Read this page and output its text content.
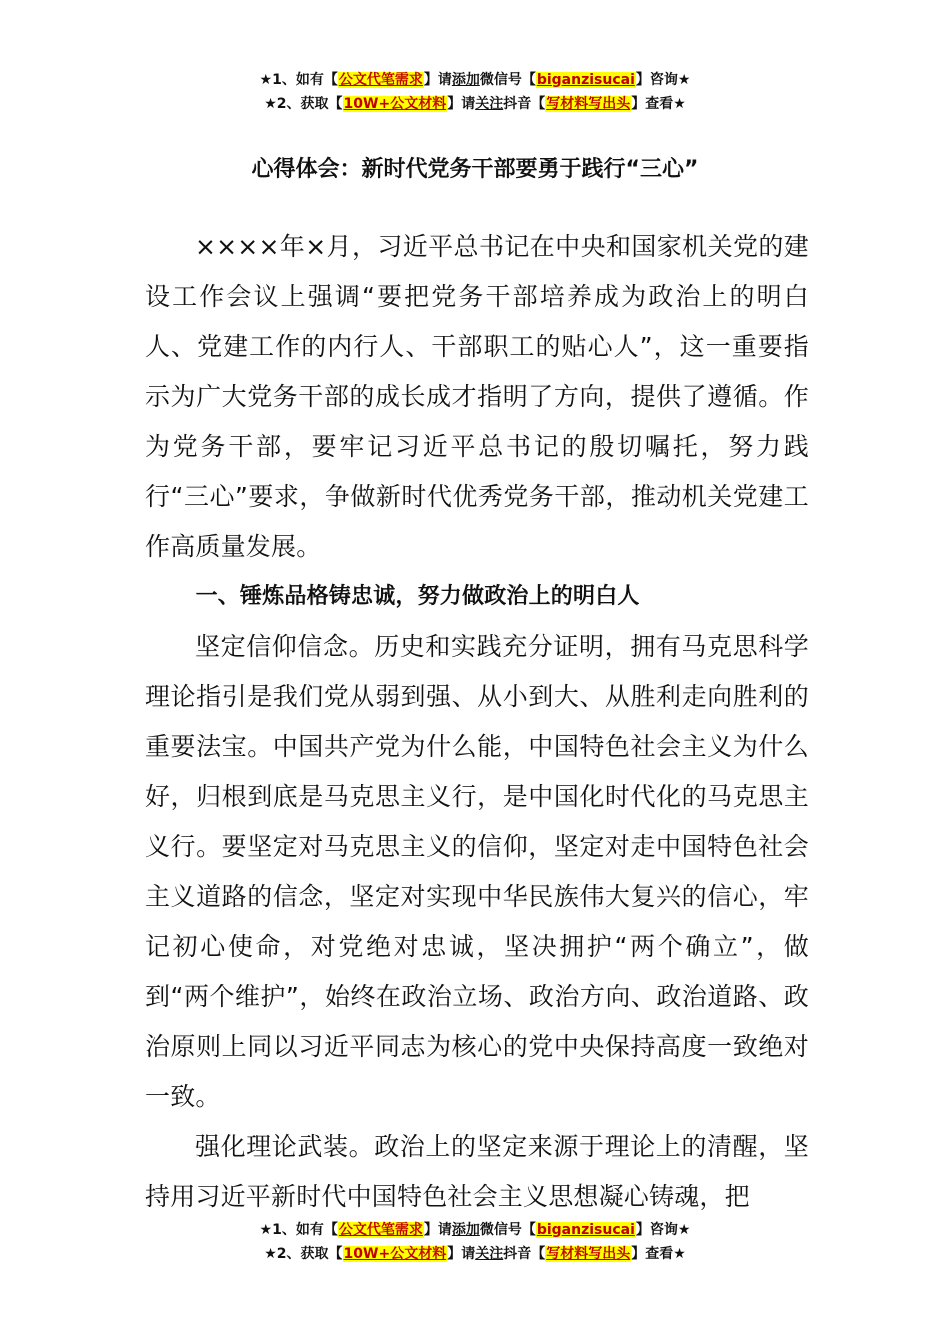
★1、如有【公文代笔需求】请添加微信号【biganzisucai】咨询★
★2、获取【10W+公文材料】请关注抖音【写材料写出头】查看★
心得体会：新时代党务干部要勇于践行“三心”

××××年×月，习近平总书记在中央和国家机关党的建设工作会议上强调“要把党务干部培养成为政治上的明白人、党建工作的内行人、干部职工的贴心人”，这一重要指示为广大党务干部的成长成才指明了方向，提供了遵循。作为党务干部，要牢记习近平总书记的殷切嘱托，努力践行“三心”要求，争做新时代优秀党务干部，推动机关党建工作高质量发展。

一、锤炼品格铸忠诚，努力做政治上的明白人

坚定信仰信念。历史和实践充分证明，拥有马克思科学理论指引是我们党从弱到强、从小到大、从胜利走向胜利的重要法宝。中国共产党为什么能，中国特色社会主义为什么好，归根到底是马克思主义行，是中国化时代化的马克思主义行。要坚定对马克思主义的信仰，坚定对走中国特色社会主义道路的信念，坚定对实现中华民族伟大复兴的信心，牢记初心使命，对党绝对忠诚，坚决拥护“两个确立”，做到“两个维护”，始终在政治立场、政治方向、政治道路、政治原则上同以习近平同志为核心的党中央保持高度一致绝对一致。

强化理论武装。政治上的坚定来源于理论上的清醒，坚持用习近平新时代中国特色社会主义思想凝心铸魂，把

★1、如有【公文代笔需求】请添加微信号【biganzisucai】咨询★
★2、获取【10W+公文材料】请关注抖音【写材料写出头】查看★
